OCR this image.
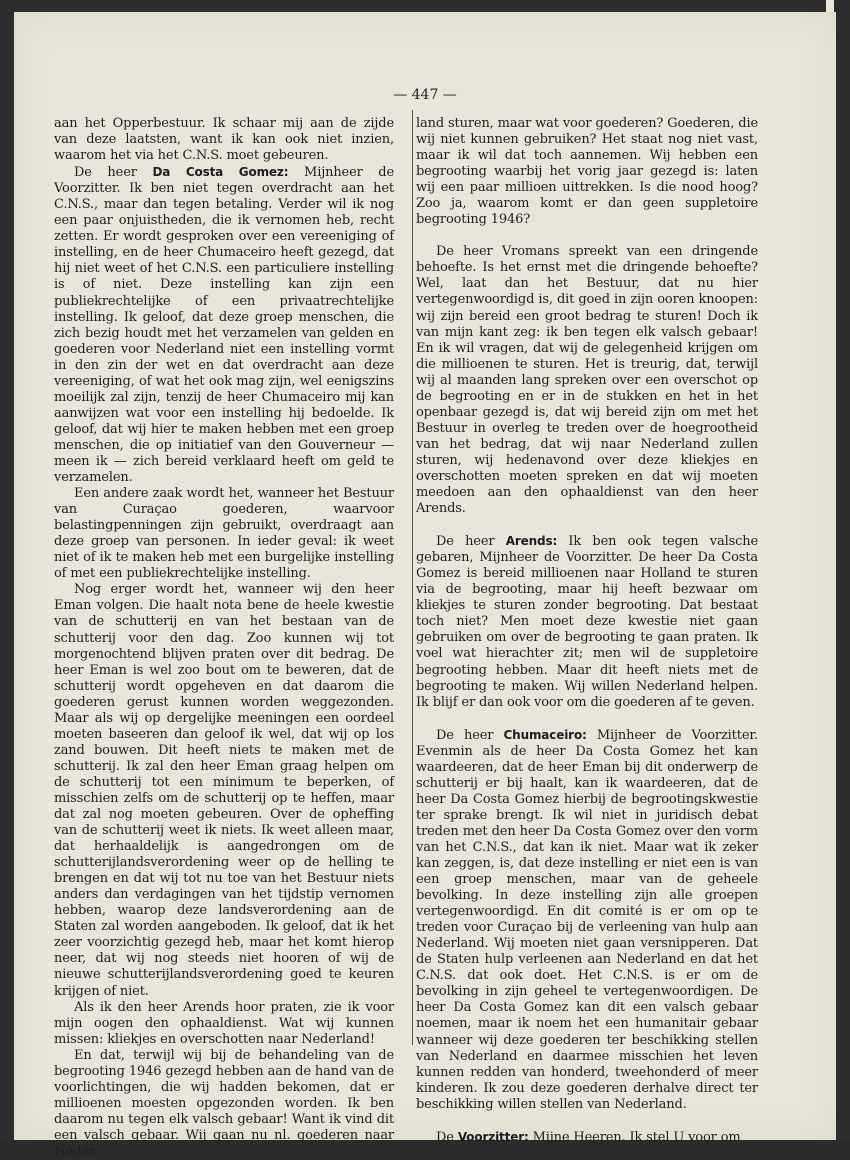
— 447 —

aan het Opperbestuur. Ik schaar mij aan de zijde van deze laatsten, want ik kan ook niet inzien, waarom het via het C.N.S. moet gebeuren.

De heer Da Costa Gomez: Mijnheer de Voorzitter. Ik ben niet tegen overdracht aan het C.N.S., maar dan tegen betaling. Verder wil ik nog een paar onjuistheden, die ik vernomen heb, recht zetten. Er wordt gesproken over een vereeniging of instelling, en de heer Chumaceiro heeft gezegd, dat hij niet weet of het C.N.S. een particuliere instelling is of niet. Deze instelling kan zijn een publiekrechtelijke of een privaatrechtelijke instelling. Ik geloof, dat deze groep menschen, die zich bezig houdt met het verzamelen van gelden en goederen voor Nederland niet een instelling vormt in den zin der wet en dat overdracht aan deze vereeniging, of wat het ook mag zijn, wel eenigszins moeilijk zal zijn, tenzij de heer Chumaceiro mij kan aanwijzen wat voor een instelling hij bedoelde. Ik geloof, dat wij hier te maken hebben met een groep menschen, die op initiatief van den Gouverneur — meen ik — zich bereid verklaard heeft om geld te verzamelen.

Een andere zaak wordt het, wanneer het Bestuur van Curaçao goederen, waarvoor belastingpenningen zijn gebruikt, overdraagt aan deze groep van personen. In ieder geval: ik weet niet of ik te maken heb met een burgelijke instelling of met een publiekrechtelijke instelling.

Nog erger wordt het, wanneer wij den heer Eman volgen. Die haalt nota bene de heele kwestie van de schutterij en van het bestaan van de schutterij voor den dag. Zoo kunnen wij tot morgenochtend blijven praten over dit bedrag. De heer Eman is wel zoo bout om te beweren, dat de schutterij wordt opgeheven en dat daarom die goederen gerust kunnen worden weggezonden. Maar als wij op dergelijke meeningen een oordeel moeten baseeren dan geloof ik wel, dat wij op los zand bouwen. Dit heeft niets te maken met de schutterij. Ik zal den heer Eman graag helpen om de schutterij tot een minimum te beperken, of misschien zelfs om de schutterij op te heffen, maar dat zal nog moeten gebeuren. Over de opheffing van de schutterij weet ik niets. Ik weet alleen maar, dat herhaaldelijk is aangedrongen om de schutterijlandsverordening weer op de helling te brengen en dat wij tot nu toe van het Bestuur niets anders dan verdagingen van het tijdstip vernomen hebben, waarop deze landsverordening aan de Staten zal worden aangeboden. Ik geloof, dat ik het zeer voorzichtig gezegd heb, maar het komt hierop neer, dat wij nog steeds niet hooren of wij de nieuwe schutterijlandsverordening goed te keuren krijgen of niet.

Als ik den heer Arends hoor praten, zie ik voor mijn oogen den ophaaldienst. Wat wij kunnen missen: kliekjes en overschotten naar Nederland!

En dat, terwijl wij bij de behandeling van de begrooting 1946 gezegd hebben aan de hand van de voorlichtingen, die wij hadden bekomen, dat er millioenen moesten opgezonden worden. Ik ben daarom nu tegen elk valsch gebaar! Want ik vind dit een valsch gebaar. Wij gaan nu nl. goederen naar Neder-

land sturen, maar wat voor goederen? Goederen, die wij niet kunnen gebruiken? Het staat nog niet vast, maar ik wil dat toch aannemen. Wij hebben een begrooting waarbij het vorig jaar gezegd is: laten wij een paar millioen uittrekken. Is die nood hoog? Zoo ja, waarom komt er dan geen suppletoire begrooting 1946?

De heer Vromans spreekt van een dringende behoefte. Is het ernst met die dringende behoefte? Wel, laat dan het Bestuur, dat nu hier vertegenwoordigd is, dit goed in zijn ooren knoopen: wij zijn bereid een groot bedrag te sturen! Doch ik van mijn kant zeg: ik ben tegen elk valsch gebaar! En ik wil vragen, dat wij de gelegenheid krijgen om die millioenen te sturen. Het is treurig, dat, terwijl wij al maanden lang spreken over een overschot op de begrooting en er in de stukken en het in het openbaar gezegd is, dat wij bereid zijn om met het Bestuur in overleg te treden over de hoegrootheid van het bedrag, dat wij naar Nederland zullen sturen, wij hedenavond over deze kliekjes en overschotten moeten spreken en dat wij moeten meedoen aan den ophaaldienst van den heer Arends.

De heer Arends: Ik ben ook tegen valsche gebaren, Mijnheer de Voorzitter. De heer Da Costa Gomez is bereid millioenen naar Holland te sturen via de begrooting, maar hij heeft bezwaar om kliekjes te sturen zonder begrooting. Dat bestaat toch niet? Men moet deze kwestie niet gaan gebruiken om over de begrooting te gaan praten. Ik voel wat hierachter zit; men wil de suppletoire begrooting hebben. Maar dit heeft niets met de begrooting te maken. Wij willen Nederland helpen. Ik blijf er dan ook voor om die goederen af te geven.

De heer Chumaceiro: Mijnheer de Voorzitter. Evenmin als de heer Da Costa Gomez het kan waardeeren, dat de heer Eman bij dit onderwerp de schutterij er bij haalt, kan ik waardeeren, dat de heer Da Costa Gomez hierbij de begrootingskwestie ter sprake brengt. Ik wil niet in juridisch debat treden met den heer Da Costa Gomez over den vorm van het C.N.S., dat kan ik niet. Maar wat ik zeker kan zeggen, is, dat deze instelling er niet een is van een groep menschen, maar van de geheele bevolking. In deze instelling zijn alle groepen vertegenwoordigd. En dit comité is er om op te treden voor Curaçao bij de verleening van hulp aan Nederland. Wij moeten niet gaan versnipperen. Dat de Staten hulp verleenen aan Nederland en dat het C.N.S. dat ook doet. Het C.N.S. is er om de bevolking in zijn geheel te vertegenwoordigen. De heer Da Costa Gomez kan dit een valsch gebaar noemen, maar ik noem het een humanitair gebaar wanneer wij deze goederen ter beschikking stellen van Nederland en daarmee misschien het leven kunnen redden van honderd, tweehonderd of meer kinderen. Ik zou deze goederen derhalve direct ter beschikking willen stellen van Nederland.

De Voorzitter: Mijne Heeren. Ik stel U voor om
